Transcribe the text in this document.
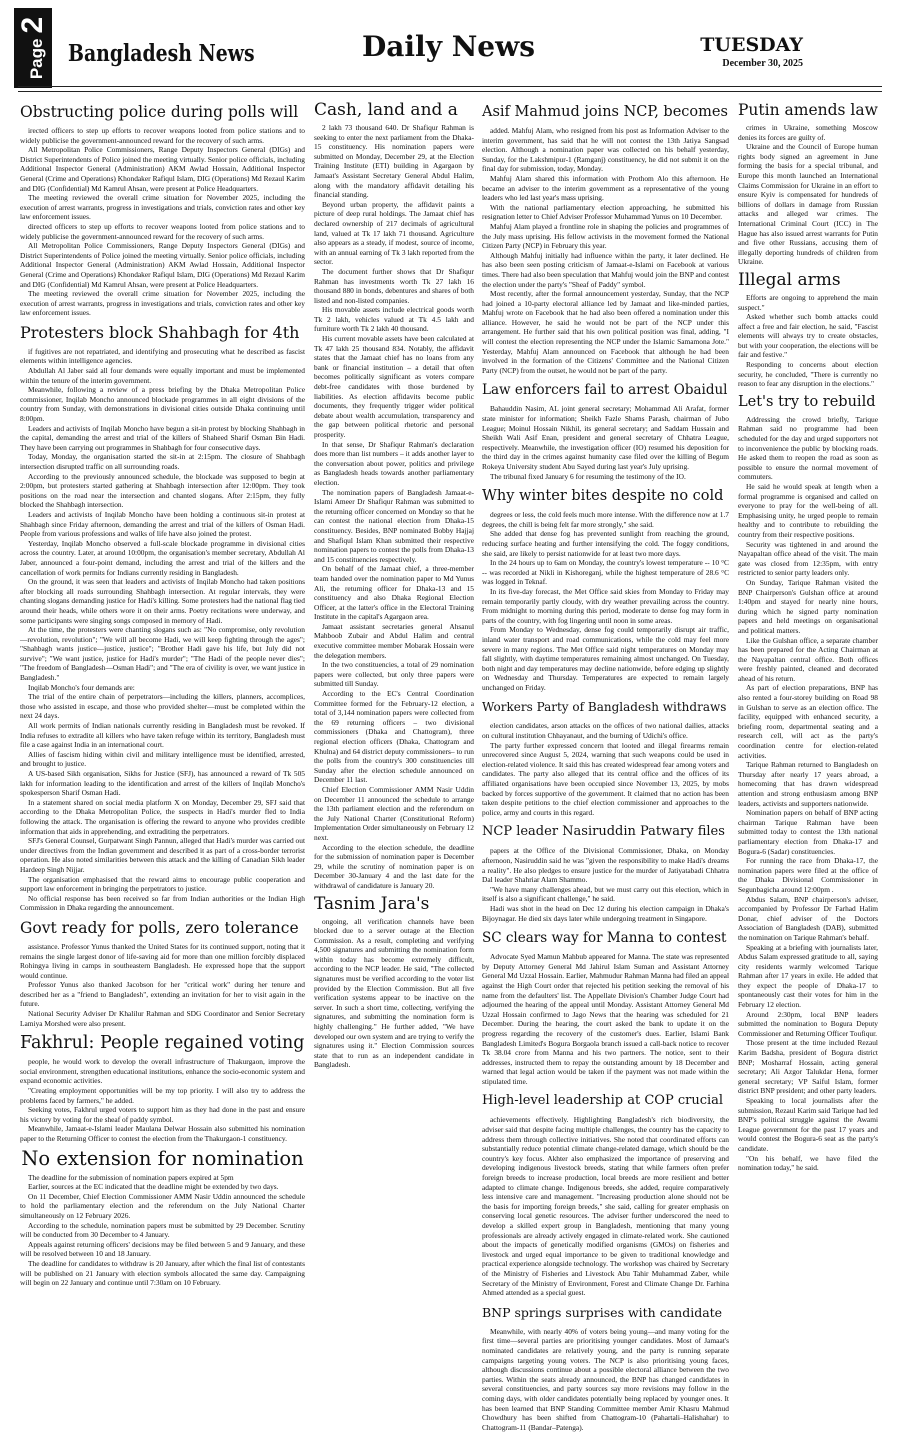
Page2
Bangladesh News	Daily News	TUESDAY
December 30, 2025
Obstructing police during polls will

irected officers to step up efforts to recover weapons looted from police stations and to widely publicise the government-announced reward for the recovery of such arms.

All Metropolitan Police Commissioners, Range Deputy Inspectors General (DIGs) and District Superintendents of Police joined the meeting virtually. Senior police officials, including Additional Inspector General (Administration) AKM Awlad Hossain, Additional Inspector General (Crime and Operations) Khondaker Rafiqul Islam, DIG (Operations) Md Rezaul Karim and DIG (Confidential) Md Kamrul Ahsan, were present at Police Headquarters.

The meeting reviewed the overall crime situation for November 2025, including the execution of arrest warrants, progress in investigations and trials, conviction rates and other key law enforcement issues.

directed officers to step up efforts to recover weapons looted from police stations and to widely publicise the government-announced reward for the recovery of such arms.

All Metropolitan Police Commissioners, Range Deputy Inspectors General (DIGs) and District Superintendents of Police joined the meeting virtually. Senior police officials, including Additional Inspector General (Administration) AKM Awlad Hossain, Additional Inspector General (Crime and Operations) Khondaker Rafiqul Islam, DIG (Operations) Md Rezaul Karim and DIG (Confidential) Md Kamrul Ahsan, were present at Police Headquarters.

The meeting reviewed the overall crime situation for November 2025, including the execution of arrest warrants, progress in investigations and trials, conviction rates and other key law enforcement issues.

Protesters block Shahbagh for 4th

if fugitives are not repatriated, and identifying and prosecuting what he described as fascist elements within intelligence agencies.

Abdullah Al Jaber said all four demands were equally important and must be implemented within the tenure of the interim government.

Meanwhile, following a review of a press briefing by the Dhaka Metropolitan Police commissioner, Inqilab Moncho announced blockade programmes in all eight divisions of the country from Sunday, with demonstrations in divisional cities outside Dhaka continuing until 8:00pm.

Leaders and activists of Inqilab Moncho have begun a sit-in protest by blocking Shahbagh in the capital, demanding the arrest and trial of the killers of Shaheed Sharif Osman Bin Hadi. They have been carrying out programmes in Shahbagh for four consecutive days.

Today, Monday, the organisation started the sit-in at 2:15pm. The closure of Shahbagh intersection disrupted traffic on all surrounding roads.

According to the previously announced schedule, the blockade was supposed to begin at 2:00pm, but protesters started gathering at Shahbagh intersection after 12:00pm. They took positions on the road near the intersection and chanted slogans. After 2:15pm, they fully blocked the Shahbagh intersection.

Leaders and activists of Inqilab Moncho have been holding a continuous sit-in protest at Shahbagh since Friday afternoon, demanding the arrest and trial of the killers of Osman Hadi. People from various professions and walks of life have also joined the protest.

Yesterday, Inqilab Moncho observed a full-scale blockade programme in divisional cities across the country. Later, at around 10:00pm, the organisation's member secretary, Abdullah Al Jaber, announced a four-point demand, including the arrest and trial of the killers and the cancellation of work permits for Indians currently residing in Bangladesh.

On the ground, it was seen that leaders and activists of Inqilab Moncho had taken positions after blocking all roads surrounding Shahbagh intersection. At regular intervals, they were chanting slogans demanding justice for Hadi's killing. Some protesters had the national flag tied around their heads, while others wore it on their arms. Poetry recitations were underway, and some participants were singing songs composed in memory of Hadi.

At the time, the protesters were chanting slogans such as: "No compromise, only revolution—revolution, revolution"; "We will all become Hadi, we will keep fighting through the ages"; "Shahbagh wants justice—justice, justice"; "Brother Hadi gave his life, but July did not survive"; "We want justice, justice for Hadi's murder"; "The Hadi of the people never dies"; "The freedom of Bangladesh—Osman Hadi"; and "The era of civility is over, we want justice in Bangladesh."

Inqilab Moncho's four demands are:

The trial of the entire chain of perpetrators—including the killers, planners, accomplices, those who assisted in escape, and those who provided shelter—must be completed within the next 24 days.

All work permits of Indian nationals currently residing in Bangladesh must be revoked. If India refuses to extradite all killers who have taken refuge within its territory, Bangladesh must file a case against India in an international court.

Allies of fascism hiding within civil and military intelligence must be identified, arrested, and brought to justice.

A US-based Sikh organisation, Sikhs for Justice (SFJ), has announced a reward of Tk 505 lakh for information leading to the identification and arrest of the killers of Inqilab Moncho's spokesperson Sharif Osman Hadi.

In a statement shared on social media platform X on Monday, December 29, SFJ said that according to the Dhaka Metropolitan Police, the suspects in Hadi's murder fled to India following the attack. The organisation is offering the reward to anyone who provides credible information that aids in apprehending, and extraditing the perpetrators.

SFJ's General Counsel, Gurpatwant Singh Pannun, alleged that Hadi's murder was carried out under directives from the Indian government and described it as part of a cross-border terrorist operation. He also noted similarities between this attack and the killing of Canadian Sikh leader Hardeep Singh Nijjar.

The organisation emphasised that the reward aims to encourage public cooperation and support law enforcement in bringing the perpetrators to justice.

No official response has been received so far from Indian authorities or the Indian High Commission in Dhaka regarding the announcement.

Govt ready for polls, zero tolerance

assistance. Professor Yunus thanked the United States for its continued support, noting that it remains the single largest donor of life-saving aid for more than one million forcibly displaced Rohingya living in camps in southeastern Bangladesh. He expressed hope that the support would continue.

Professor Yunus also thanked Jacobson for her "critical work" during her tenure and described her as a "friend to Bangladesh", extending an invitation for her to visit again in the future.

National Security Adviser Dr Khalilur Rahman and SDG Coordinator and Senior Secretary Lamiya Morshed were also present.

Fakhrul: People regained voting

people, he would work to develop the overall infrastructure of Thakurgaon, improve the social environment, strengthen educational institutions, enhance the socio-economic system and expand economic activities.

"Creating employment opportunities will be my top priority. I will also try to address the problems faced by farmers," he added.

Seeking votes, Fakhrul urged voters to support him as they had done in the past and ensure his victory by voting for the sheaf of paddy symbol.

Meanwhile, Jamaat-e-Islami leader Maulana Delwar Hossain also submitted his nomination paper to the Returning Officer to contest the election from the Thakurgaon-1 constituency.

No extension for nomination

The deadline for the submission of nomination papers expired at 5pm

Earlier, sources at the EC indicated that the deadline might be extended by two days.

On 11 December, Chief Election Commissioner AMM Nasir Uddin announced the schedule to hold the parliamentary election and the referendum on the July National Charter simultaneously on 12 February 2026.

According to the schedule, nomination papers must be submitted by 29 December. Scrutiny will be conducted from 30 December to 4 January.

Appeals against returning officers' decisions may be filed between 5 and 9 January, and these will be resolved between 10 and 18 January.

The deadline for candidates to withdraw is 20 January, after which the final list of contestants will be published on 21 January with election symbols allocated the same day. Campaigning will begin on 22 January and continue until 7:30am on 10 February.

Cash, land and a

2 lakh 73 thousand 640. Dr Shafiqur Rahman is seeking to enter the next parliament from the Dhaka-15 constituency. His nomination papers were submitted on Monday, December 29, at the Election Training Institute (ETI) building in Agargaon by Jamaat's Assistant Secretary General Abdul Halim, along with the mandatory affidavit detailing his financial standing.

Beyond urban property, the affidavit paints a picture of deep rural holdings. The Jamaat chief has declared ownership of 217 decimals of agricultural land, valued at Tk 17 lakh 71 thousand. Agriculture also appears as a steady, if modest, source of income, with an annual earning of Tk 3 lakh reported from the sector.

The document further shows that Dr Shafiqur Rahman has investments worth Tk 27 lakh 16 thousand 880 in bonds, debentures and shares of both listed and non-listed companies.

His movable assets include electrical goods worth Tk 2 lakh, vehicles valued at Tk 4.5 lakh and furniture worth Tk 2 lakh 40 thousand.

His current movable assets have been calculated at Tk 47 lakh 25 thousand 834. Notably, the affidavit states that the Jamaat chief has no loans from any bank or financial institution – a detail that often becomes politically significant as voters compare debt-free candidates with those burdened by liabilities. As election affidavits become public documents, they frequently trigger wider political debate about wealth accumulation, transparency and the gap between political rhetoric and personal prosperity.

In that sense, Dr Shafiqur Rahman's declaration does more than list numbers – it adds another layer to the conversation about power, politics and privilege as Bangladesh heads towards another parliamentary election.

The nomination papers of Bangladesh Jamaat-e-Islami Ameer Dr Shafiqur Rahman was submitted to the returning officer concerned on Monday so that he can contest the national election from Dhaka-15 constituency. Besides, BNP nominated Bobby Hajjaj and Shafiqul Islam Khan submitted their respective nomination papers to contest the polls from Dhaka-13 and 15 constituencies respectively.

On behalf of the Jamaat chief, a three-member team handed over the nomination paper to Md Yunus Ali, the returning officer for Dhaka-13 and 15 constituency and also Dhaka Regional Election Officer, at the latter's office in the Electoral Training Institute in the capital's Agargaon area.

Jamaat assistant secretaries general Ahsanul Mahboob Zubair and Abdul Halim and central executive committee member Mobarak Hossain were the delegation members.

In the two constituencies, a total of 29 nomination papers were collected, but only three papers were submitted till Sunday.

According to the EC's Central Coordination Committee formed for the February-12 election, a total of 3,144 nomination papers were collected from the 69 returning officers – two divisional commissioners (Dhaka and Chattogram), three regional election officers (Dhaka, Chattogram and Khulna) and 64 district deputy commissioners– to run the polls from the country's 300 constituencies till Sunday after the election schedule announced on December 11 last.

Chief Election Commissioner AMM Nasir Uddin on December 11 announced the schedule to arrange the 13th parliament election and the referendum on the July National Charter (Constitutional Reform) Implementation Order simultaneously on February 12 next.

According to the election schedule, the deadline for the submission of nomination paper is December 29, while the scrutiny of nomination paper is on December 30-January 4 and the last date for the withdrawal of candidature is January 20.

Tasnim Jara's

ongoing, all verification channels have been blocked due to a server outage at the Election Commission. As a result, completing and verifying 4,500 signatures and submitting the nomination form within today has become extremely difficult, according to the NCP leader. He said, "The collected signatures must be verified according to the voter list provided by the Election Commission. But all five verification systems appear to be inactive on the server. In such a short time, collecting, verifying the signatures, and submitting the nomination form is highly challenging." He further added, "We have developed our own system and are trying to verify the signatures using it." Election Commission sources state that to run as an independent candidate in Bangladesh.

Asif Mahmud joins NCP, becomes

added. Mahfuj Alam, who resigned from his post as Information Adviser to the interim government, has said that he will not contest the 13th Jatiya Sangsad election. Although a nomination paper was collected on his behalf yesterday, Sunday, for the Lakshmipur-1 (Ramganj) constituency, he did not submit it on the final day for submission, today, Monday.

Mahfuj Alam shared this information with Prothom Alo this afternoon. He became an adviser to the interim government as a representative of the young leaders who led last year's mass uprising.

With the national parliamentary election approaching, he submitted his resignation letter to Chief Adviser Professor Muhammad Yunus on 10 December.

Mahfuj Alam played a frontline role in shaping the policies and programmes of the July mass uprising. His fellow activists in the movement formed the National Citizen Party (NCP) in February this year.

Although Mahfuj initially had influence within the party, it later declined. He has also been seen posting criticism of Jamaat-e-Islami on Facebook at various times. There had also been speculation that Mahfuj would join the BNP and contest the election under the party's "Sheaf of Paddy" symbol.

Most recently, after the formal announcement yesterday, Sunday, that the NCP had joined a 10-party electoral alliance led by Jamaat and like-minded parties, Mahfuj wrote on Facebook that he had also been offered a nomination under this alliance. However, he said he would not be part of the NCP under this arrangement. He further said that his own political position was final, adding, "I will contest the election representing the NCP under the Islamic Samamona Jote." Yesterday, Mahfuj Alam announced on Facebook that although he had been involved in the formation of the Citizens' Committee and the National Citizen Party (NCP) from the outset, he would not be part of the party.

Law enforcers fail to arrest Obaidul

Bahauddin Nasim, AL joint general secretary; Mohammad Ali Arafat, former state minister for information; Sheikh Fazle Shams Parash, chairman of Jubo League; Moinul Hossain Nikhil, its general secretary; and Saddam Hussain and Sheikh Wali Asif Enan, president and general secretary of Chhatra League, respectively. Meanwhile, the investigation officer (IO) resumed his deposition for the third day in the crimes against humanity case filed over the killing of Begum Rokeya University student Abu Sayed during last year's July uprising.

The tribunal fixed January 6 for resuming the testimony of the IO.

Why winter bites despite no cold

degrees or less, the cold feels much more intense. With the difference now at 1.7 degrees, the chill is being felt far more strongly," she said.

She added that dense fog has prevented sunlight from reaching the ground, reducing surface heating and further intensifying the cold. The foggy conditions, she said, are likely to persist nationwide for at least two more days.

In the 24 hours up to 6am on Monday, the country's lowest temperature -- 10 °C -- was recorded at Nikli in Kishoreganj, while the highest temperature of 28.6 °C was logged in Teknaf.

In its five-day forecast, the Met Office said skies from Monday to Friday may remain temporarily partly cloudy, with dry weather prevailing across the country. From midnight to morning during this period, moderate to dense fog may form in parts of the country, with fog lingering until noon in some areas.

From Monday to Wednesday, dense fog could temporarily disrupt air traffic, inland water transport and road communications, while the cold may feel more severe in many regions. The Met Office said night temperatures on Monday may fall slightly, with daytime temperatures remaining almost unchanged. On Tuesday, both night and day temperatures may decline nationwide, before edging up slightly on Wednesday and Thursday. Temperatures are expected to remain largely unchanged on Friday.

Workers Party of Bangladesh withdraws

election candidates, arson attacks on the offices of two national dailies, attacks on cultural institution Chhayanaut, and the burning of Udichi's office.

The party further expressed concern that looted and illegal firearms remain unrecovered since August 5, 2024, warning that such weapons could be used in election-related violence. It said this has created widespread fear among voters and candidates. The party also alleged that its central office and the offices of its affiliated organisations have been occupied since November 13, 2025, by mobs backed by forces supportive of the government. It claimed that no action has been taken despite petitions to the chief election commissioner and approaches to the police, army and courts in this regard.

NCP leader Nasiruddin Patwary files

papers at the Office of the Divisional Commissioner, Dhaka, on Monday afternoon, Nasiruddin said he was "given the responsibility to make Hadi's dreams a reality". He also pledges to ensure justice for the murder of Jatiyatabadi Chhatra Dal leader Shahriar Alam Shammo.

"We have many challenges ahead, but we must carry out this election, which in itself is also a significant challenge," he said.

Hadi was shot in the head on Dec 12 during his election campaign in Dhaka's Bijoynagar. He died six days later while undergoing treatment in Singapore.

SC clears way for Manna to contest

Advocate Syed Mamun Mahbub appeared for Manna. The state was represented by Deputy Attorney General Md Jahirul Islam Suman and Assistant Attorney General Md Uzzal Hossain. Earlier, Mahmudur Rahman Manna had filed an appeal against the High Court order that rejected his petition seeking the removal of his name from the defaulters' list. The Appellate Division's Chamber Judge Court had adjourned the hearing of the appeal until Monday. Assistant Attorney General Md Uzzal Hossain confirmed to Jago News that the hearing was scheduled for 21 December. During the hearing, the court asked the bank to update it on the progress regarding the recovery of the customer's dues. Earlier, Islami Bank Bangladesh Limited's Bogura Borgaola branch issued a call-back notice to recover Tk 38.04 crore from Manna and his two partners. The notice, sent to their addresses, instructed them to repay the outstanding amount by 18 December and warned that legal action would be taken if the payment was not made within the stipulated time.

High-level leadership at COP crucial

achievements effectively. Highlighting Bangladesh's rich biodiversity, the adviser said that despite facing multiple challenges, the country has the capacity to address them through collective initiatives. She noted that coordinated efforts can substantially reduce potential climate change-related damage, which should be the country's key focus. Akhter also emphasized the importance of preserving and developing indigenous livestock breeds, stating that while farmers often prefer foreign breeds to increase production, local breeds are more resilient and better adapted to climate change. Indigenous breeds, she added, require comparatively less intensive care and management. "Increasing production alone should not be the basis for importing foreign breeds," she said, calling for greater emphasis on conserving local genetic resources. The adviser further underscored the need to develop a skilled expert group in Bangladesh, mentioning that many young professionals are already actively engaged in climate-related work. She cautioned about the impacts of genetically modified organisms (GMOs) on fisheries and livestock and urged equal importance to be given to traditional knowledge and practical experience alongside technology. The workshop was chaired by Secretary of the Ministry of Fisheries and Livestock Abu Tahir Muhammad Zaber, while Secretary of the Ministry of Environment, Forest and Climate Change Dr. Farhina Ahmed attended as a special guest.

BNP springs surprises with candidate

Meanwhile, with nearly 40% of voters being young—and many voting for the first time—several parties are prioritising younger candidates. Most of Jamaat's nominated candidates are relatively young, and the party is running separate campaigns targeting young voters. The NCP is also prioritising young faces, although discussions continue about a possible electoral alliance between the two parties. Within the seats already announced, the BNP has changed candidates in several constituencies, and party sources say more revisions may follow in the coming days, with older candidates potentially being replaced by younger ones. It has been learned that BNP Standing Committee member Amir Khasru Mahmud Chowdhury has been shifted from Chattogram-10 (Pahartali–Halishahar) to Chattogram-11 (Bandar–Patenga).

Putin amends law

crimes in Ukraine, something Moscow denies its forces are guilty of.

Ukraine and the Council of Europe human rights body signed an agreement in June forming the basis for a special tribunal, and Europe this month launched an International Claims Commission for Ukraine in an effort to ensure Kyiv is compensated for hundreds of billions of dollars in damage from Russian attacks and alleged war crimes. The International Criminal Court (ICC) in The Hague has also issued arrest warrants for Putin and five other Russians, accusing them of illegally deporting hundreds of children from Ukraine.

Illegal arms

Efforts are ongoing to apprehend the main suspect."

Asked whether such bomb attacks could affect a free and fair election, he said, "Fascist elements will always try to create obstacles, but with your cooperation, the elections will be fair and festive."

Responding to concerns about election security, he concluded, "There is currently no reason to fear any disruption in the elections."

Let's try to rebuild

Addressing the crowd briefly, Tarique Rahman said no programme had been scheduled for the day and urged supporters not to inconvenience the public by blocking roads. He asked them to reopen the road as soon as possible to ensure the normal movement of commuters.

He said he would speak at length when a formal programme is organised and called on everyone to pray for the well-being of all. Emphasising unity, he urged people to remain healthy and to contribute to rebuilding the country from their respective positions.

Security was tightened in and around the Nayapaltan office ahead of the visit. The main gate was closed from 12:35pm, with entry restricted to senior party leaders only.

On Sunday, Tarique Rahman visited the BNP Chairperson's Gulshan office at around 1:40pm and stayed for nearly nine hours, during which he signed party nomination papers and held meetings on organisational and political matters.

Like the Gulshan office, a separate chamber has been prepared for the Acting Chairman at the Nayapaltan central office. Both offices were freshly painted, cleaned and decorated ahead of his return.

As part of election preparations, BNP has also rented a four-storey building on Road 98 in Gulshan to serve as an election office. The facility, equipped with enhanced security, a briefing room, departmental seating and a research cell, will act as the party's coordination centre for election-related activities.

Tarique Rahman returned to Bangladesh on Thursday after nearly 17 years abroad, a homecoming that has drawn widespread attention and strong enthusiasm among BNP leaders, activists and supporters nationwide.

Nomination papers on behalf of BNP acting chairman Tarique Rahman have been submitted today to contest the 13th national parliamentary election from Dhaka-17 and Bogura-6 (Sadar) constituencies.

For running the race from Dhaka-17, the nomination papers were filed at the office of the Dhaka Divisional Commissioner in Segunbagicha around 12:00pm .

Abdus Salam, BNP chairperson's adviser, accompanied by Professor Dr Farhad Halim Donar, chief adviser of the Doctors Association of Bangladesh (DAB), submitted the nomination on Tarique Rahman's behalf.

Speaking at a briefing with journalists later, Abdus Salam expressed gratitude to all, saying city residents warmly welcomed Tarique Rahman after 17 years in exile. He added that they expect the people of Dhaka-17 to spontaneously cast their votes for him in the February 12 election.

Around 2:30pm, local BNP leaders submitted the nomination to Bogura Deputy Commissioner and Returning Officer Toufiqur.

Those present at the time included Rezaul Karim Badsha, president of Bogura district BNP; Mosharraf Hossain, acting general secretary; Ali Azgor Talukdar Hena, former general secretary; VP Saiful Islam, former district BNP president; and other party leaders.

Speaking to local journalists after the submission, Rezaul Karim said Tarique had led BNP's political struggle against the Awami League government for the past 17 years and would contest the Bogura-6 seat as the party's candidate.

"On his behalf, we have filed the nomination today," he said.
